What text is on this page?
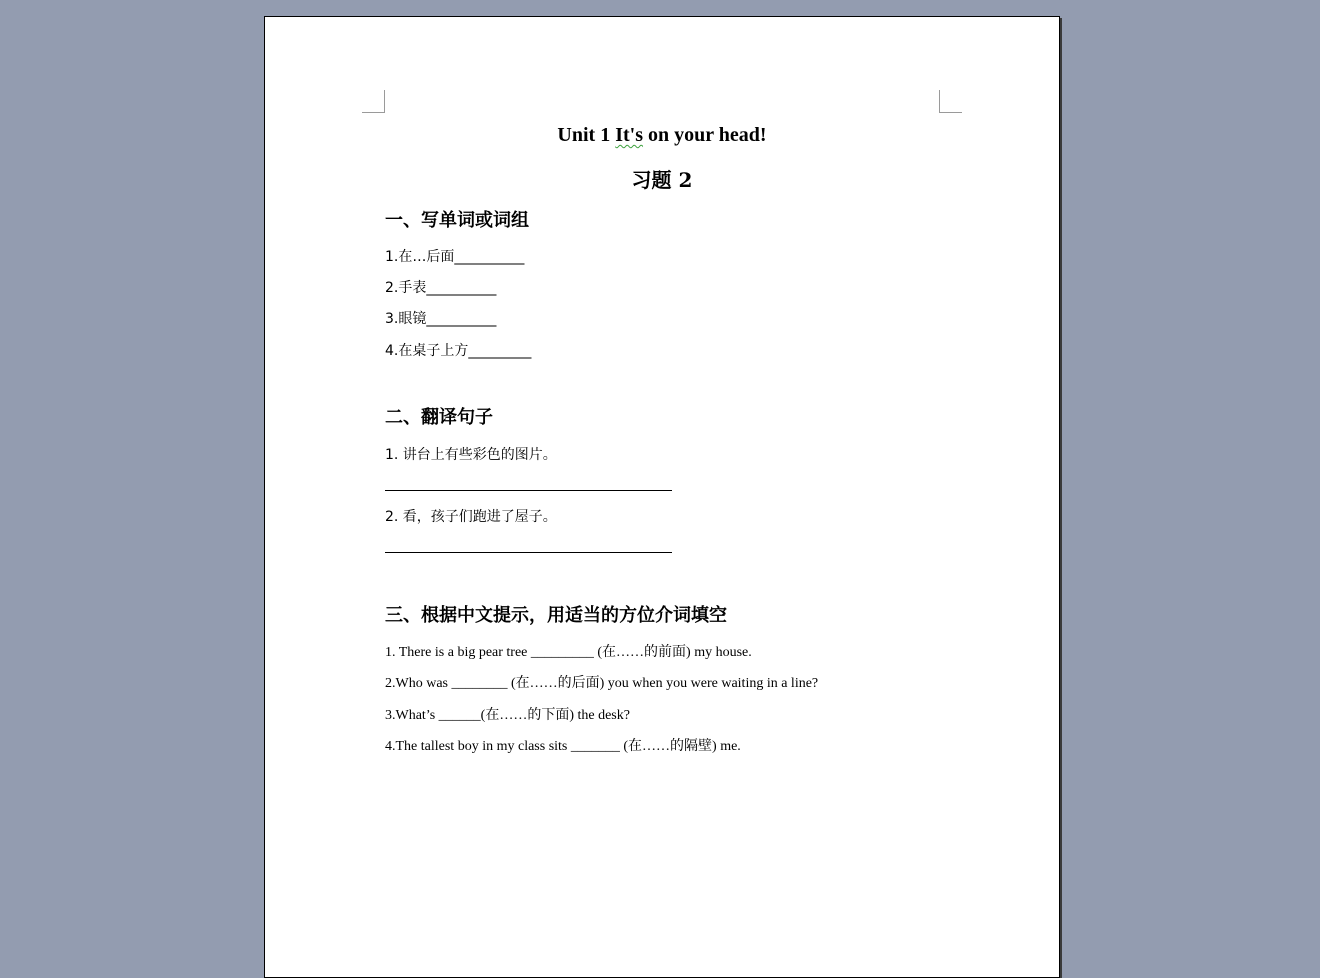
Unit 1 It's on your head!
习题 2
一、写单词或词组
1.在…后面__________
2.手表__________
3.眼镜__________
4.在桌子上方_________
二、翻译句子
1. 讲台上有些彩色的图片。
2. 看，孩子们跑进了屋子。
三、根据中文提示，用适当的方位介词填空
1. There is a big pear tree _________ (在……的前面) my house.
2.Who was ________ (在……的后面) you when you were waiting in a line?
3.What’s ______(在……的下面) the desk?
4.The tallest boy in my class sits _______ (在……的隔壁) me.
